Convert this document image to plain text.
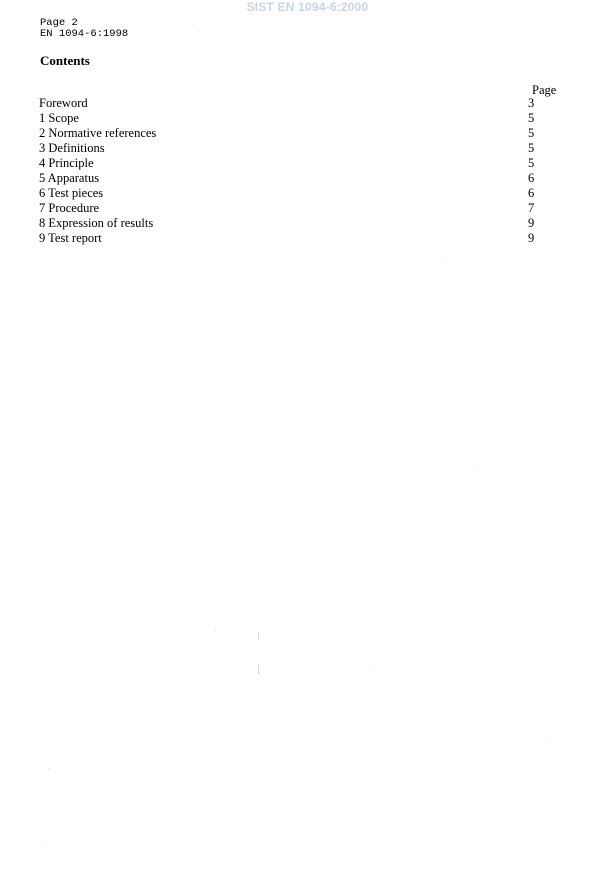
SIST EN 1094-6:2000
Page 2
EN 1094-6:1998
Contents
Page
Foreword	3
1 Scope	5
2 Normative references	5
3 Definitions	5
4 Principle	5
5 Apparatus	6
6 Test pieces	6
7 Procedure	7
8 Expression of results	9
9 Test report	9
